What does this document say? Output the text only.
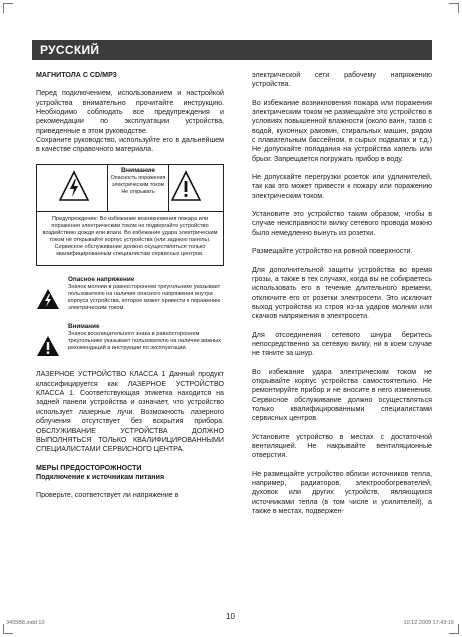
РУССКИЙ

МАГНИТОЛА С CD/MP3

Перед подключением, использованием и настройкой устройства внимательно прочитайте инструкцию. Необходимо соблюдать все предупреждения и рекомендации по эксплуатации устройства, приведенные в этом руководстве.

Сохраните руководство, используйте его в дальнейшем в качестве справочного материала.

Внимание
Опасность поражения электрическим током Не открывать
Предупреждение: Во избежание возникновения пожара или поражения электрическим током не подвергайте устройство воздействию дождя или влаги. Во избежание удара электрическим током не открывайте корпус устройства (или заднюю панель). Сервисное обслуживание должно осуществляться только квалифицированным специалистам сервисных центров.
Опасное напряжение
Значок молнии в равностороннем треугольнике указывает пользователю на наличие опасного напряжения внутри корпуса устройства, которое может привести к поражению электрическим током.
Внимание
Значок восклицательного знака в равностороннем треугольнике указывает пользователю на наличие важных рекомендаций в инструкции по эксплуатации.

ЛАЗЕРНОЕ УСТРОЙСТВО КЛАССА 1 Данный продукт классифицируется как ЛАЗЕРНОЕ УСТРОЙСТВО КЛАССА 1. Соответствующая этикетка находится на задней панели устройства и означает, что устройство использует лазерные лучи. Возможность лазерного облучения отсутствует без вскрытия прибора. ОБСЛУЖИВАНИЕ УСТРОЙСТВА ДОЛЖНО ВЫПОЛНЯТЬСЯ ТОЛЬКО КВАЛИФИЦИРОВАННЫМИ СПЕЦИАЛИСТАМИ СЕРВИСНОГО ЦЕНТРА.

МЕРЫ ПРЕДОСТОРОЖНОСТИ

Подключение к источникам питания

Проверьте, соответствует ли напряжение в

электрической сети рабочему напряжению устройства.

Во избежание возникновения пожара или поражения электрическим током не размещайте это устройство в условиях повышенной влажности (около ванн, тазов с водой, кухонных раковин, стиральных машин, рядом с плавательным бассейном, в сырых подвалах и т.д.) Не допускайте попадания на устройства капель или брызг. Запрещается погружать прибор в воду.

Не допускайте перегрузки розеток или удлинителей, так как это может привести к пожару или поражению электрическим током.

Установите это устройство таким образом, чтобы в случае неисправности вилку сетевого провода можно было немедленно вынуть из розетки.

Размещайте устройство на ровной поверхности.

Для дополнительной защиты устройства во время грозы, а также в тех случаях, когда вы не собираетесь использовать его в течение длительного времени, отключите его от розетки электросети. Это исключит выход устройства из строя из-за ударов молнии или скачков напряжения в электросети.

Для отсоединения сетевого шнура беритесь непосредственно за сетевую вилку, ни в коем случае не тяните за шнур.

Во избежание удара электрическим током не открывайте корпус устройства самостоятельно. Не ремонтируйте прибор и не вносите в него изменения. Сервисное обслуживание должно осуществляться только квалифицированными специалистами сервисных центров.

Установите устройство в местах с достаточной вентиляцией. Не накрывайте вентиляционные отверстия.

Не размещайте устройство вблизи источников тепла, например, радиаторов, электрообогревателей, духовок или других устройств, являющихся источниками тепла (в том числе и усилителей), а также в местах, подвержен-

10
3455B8.indd 10	10.12.2009 17:43:16
